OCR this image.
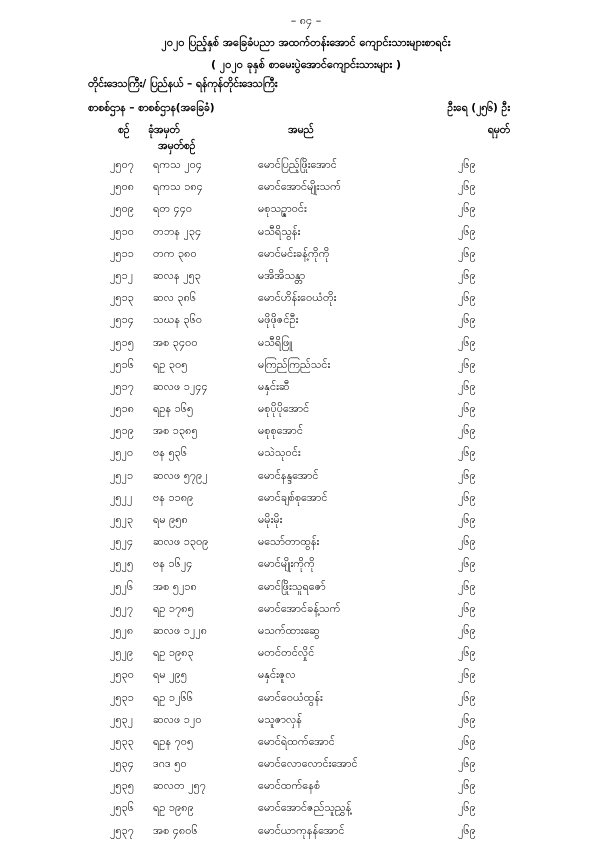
– ၈၄ –
၂၀၂၀ ပြည့်နှစ် အခြေခံပညာ အထက်တန်းအောင် ကျောင်းသားများစာရင်း
( ၂၀၂၀ ခုနှစ် စာမေးပွဲအောင်ကျောင်းသားများ )
တိုင်းဒေသကြီး/ ပြည်နယ် – ရန်ကုန်တိုင်းဒေသကြီး
စာစစ်ဌာန – စာစစ်ဌာန(အခြေခံ)	ဦးရေ (၂၅၆) ဦး
စဉ် ခုံအမှတ်	အမည်	ရမှတ်
အမှတ်စဉ်
၂၅၀၇ ရကသ ၂၀၄	မောင်ပြည့်ဖြိုးအောင်	၂၆၉
၂၅၀၈ ရကသ ၁၈၄	မောင်အောင်မျိုးသက်	၂၆၉
၂၅၀၉ ရတ ၄၄၀	မစုသဉ္ဇာဝင်း	၂၆၉
၂၅၁၀ တဘန ၂၃၄	မသီရိသွန်း	၂၆၉
၂၅၁၁ တက ၃၈၀	မောင်မင်းခန့်ကိုကို	၂၆၉
၂၅၁၂ ဆလန ၂၅၃	မအိအိသန္တာ	၂၆၉
၂၅၁၃ ဆလ ၃၈၆	မောင်ဟိန်းဝေယံတိုး	၂၆၉
၂၅၁၄ သဃန ၃၆၀	မဖိုဖိုဇင်ဦး	၂၆၉
၂၅၁၅ အစ ၃၄၀၀	မသီရိဖြူ	၂၆၉
၂၅၁၆ ရဥ ၃၀၅	မကြည်ကြည်သင်း	၂၆၉
၂၅၁၇ ဆလဖ ၁၂၄၄	မနှင်းဆီ	၂၆၉
၂၅၁၈ ရဥန ၁၆၅	မစုပိုပိုအောင်	၂၆၉
၂၅၁၉ အစ ၁၃၈၅	မစုစုအောင်	၂၆၉
၂၅၂၀ ဗန ၅၃၆	မသဲသုဝင်း	၂၆၉
၂၅၂၁ ဆလဖ ၅၇၉၂	မောင်နန္ဒအောင်	၂၆၉
၂၅၂၂ ဗန ၁၁၈၉	မောင်ချစ်စုအောင်	၂၆၉
၂၅၂၃ ရမ ၉၅၈	မမိုးမိုး	၂၆၉
၂၅၂၄ ဆလဖ ၁၃၀၉	မသော်တာထွန်း	၂၆၉
၂၅၂၅ ဗန ၁၆၂၄	မောင်မျိုးကိုကို	၂၆၉
၂၅၂၆ အစ ၅၂၁၈	မောင်ဖြိုးသူရဇော်	၂၆၉
၂၅၂၇ ရဥ ၁၇၈၅	မောင်အောင်ခန့်သက်	၂၆၉
၂၅၂၈ ဆလဖ ၁၂၂၈	မသက်ထားဆွေ	၂၆၉
၂၅၂၉ ရဥ ၁၉၈၃	မတင်တင်လှိုင်	၂၆၉
၂၅၃၀ ရမ ၂၉၅	မနှင်းဇူလ	၂၆၉
၂၅၃၁ ရဥ ၁၂၆၆	မောင်ဝေယံထွန်း	၂၆၉
၂၅၃၂ ဆလဖ ၁၂၀	မသူဇာလှန်	၂၆၉
၂၅၃၃ ရဥန ၇၀၅	မောင်ရဲထက်အောင်	၂၆၉
၂၅၃၄ ဒဂဒ ၅၀	မောင်လောလောင်းအောင်	၂၆၉
၂၅၃၅ ဆလတ ၂၅၇	မောင်ထက်နေစံ	၂၆၉
၂၅၃၆ ရဥ ၁၉၈၉	မောင်အောင်ဇည်သူညွှန့်	၂၆၉
၂၅၃၇ အစ ၄၈၀၆	မောင်ယာကုနန်အောင်	၂၆၉
